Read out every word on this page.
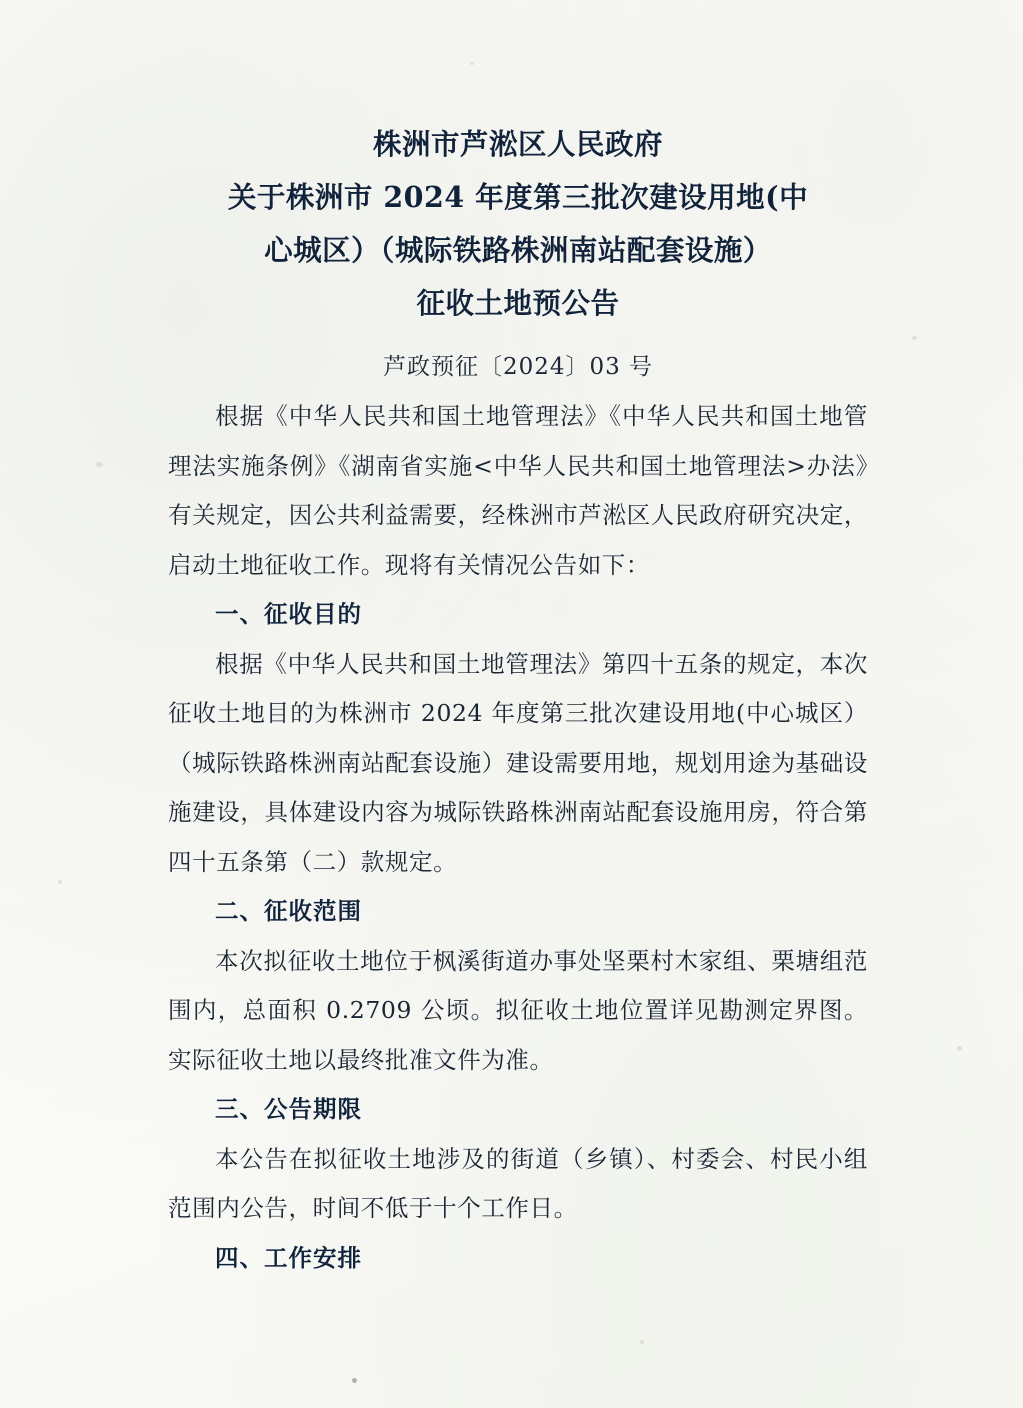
株洲市芦淞区人民政府
关于株洲市 2024 年度第三批次建设用地(中
心城区）（城际铁路株洲南站配套设施）
征收土地预公告
芦政预征〔2024〕03 号
根据《中华人民共和国土地管理法》《中华人民共和国土地管理法实施条例》《湖南省实施<中华人民共和国土地管理法>办法》有关规定，因公共利益需要，经株洲市芦淞区人民政府研究决定，启动土地征收工作。现将有关情况公告如下：
一、征收目的
根据《中华人民共和国土地管理法》第四十五条的规定，本次征收土地目的为株洲市 2024 年度第三批次建设用地(中心城区）（城际铁路株洲南站配套设施）建设需要用地，规划用途为基础设施建设，具体建设内容为城际铁路株洲南站配套设施用房，符合第四十五条第（二）款规定。
二、征收范围
本次拟征收土地位于枫溪街道办事处坚栗村木家组、栗塘组范围内，总面积 0.2709 公顷。拟征收土地位置详见勘测定界图。实际征收土地以最终批准文件为准。
三、公告期限
本公告在拟征收土地涉及的街道（乡镇）、村委会、村民小组范围内公告，时间不低于十个工作日。
四、工作安排
